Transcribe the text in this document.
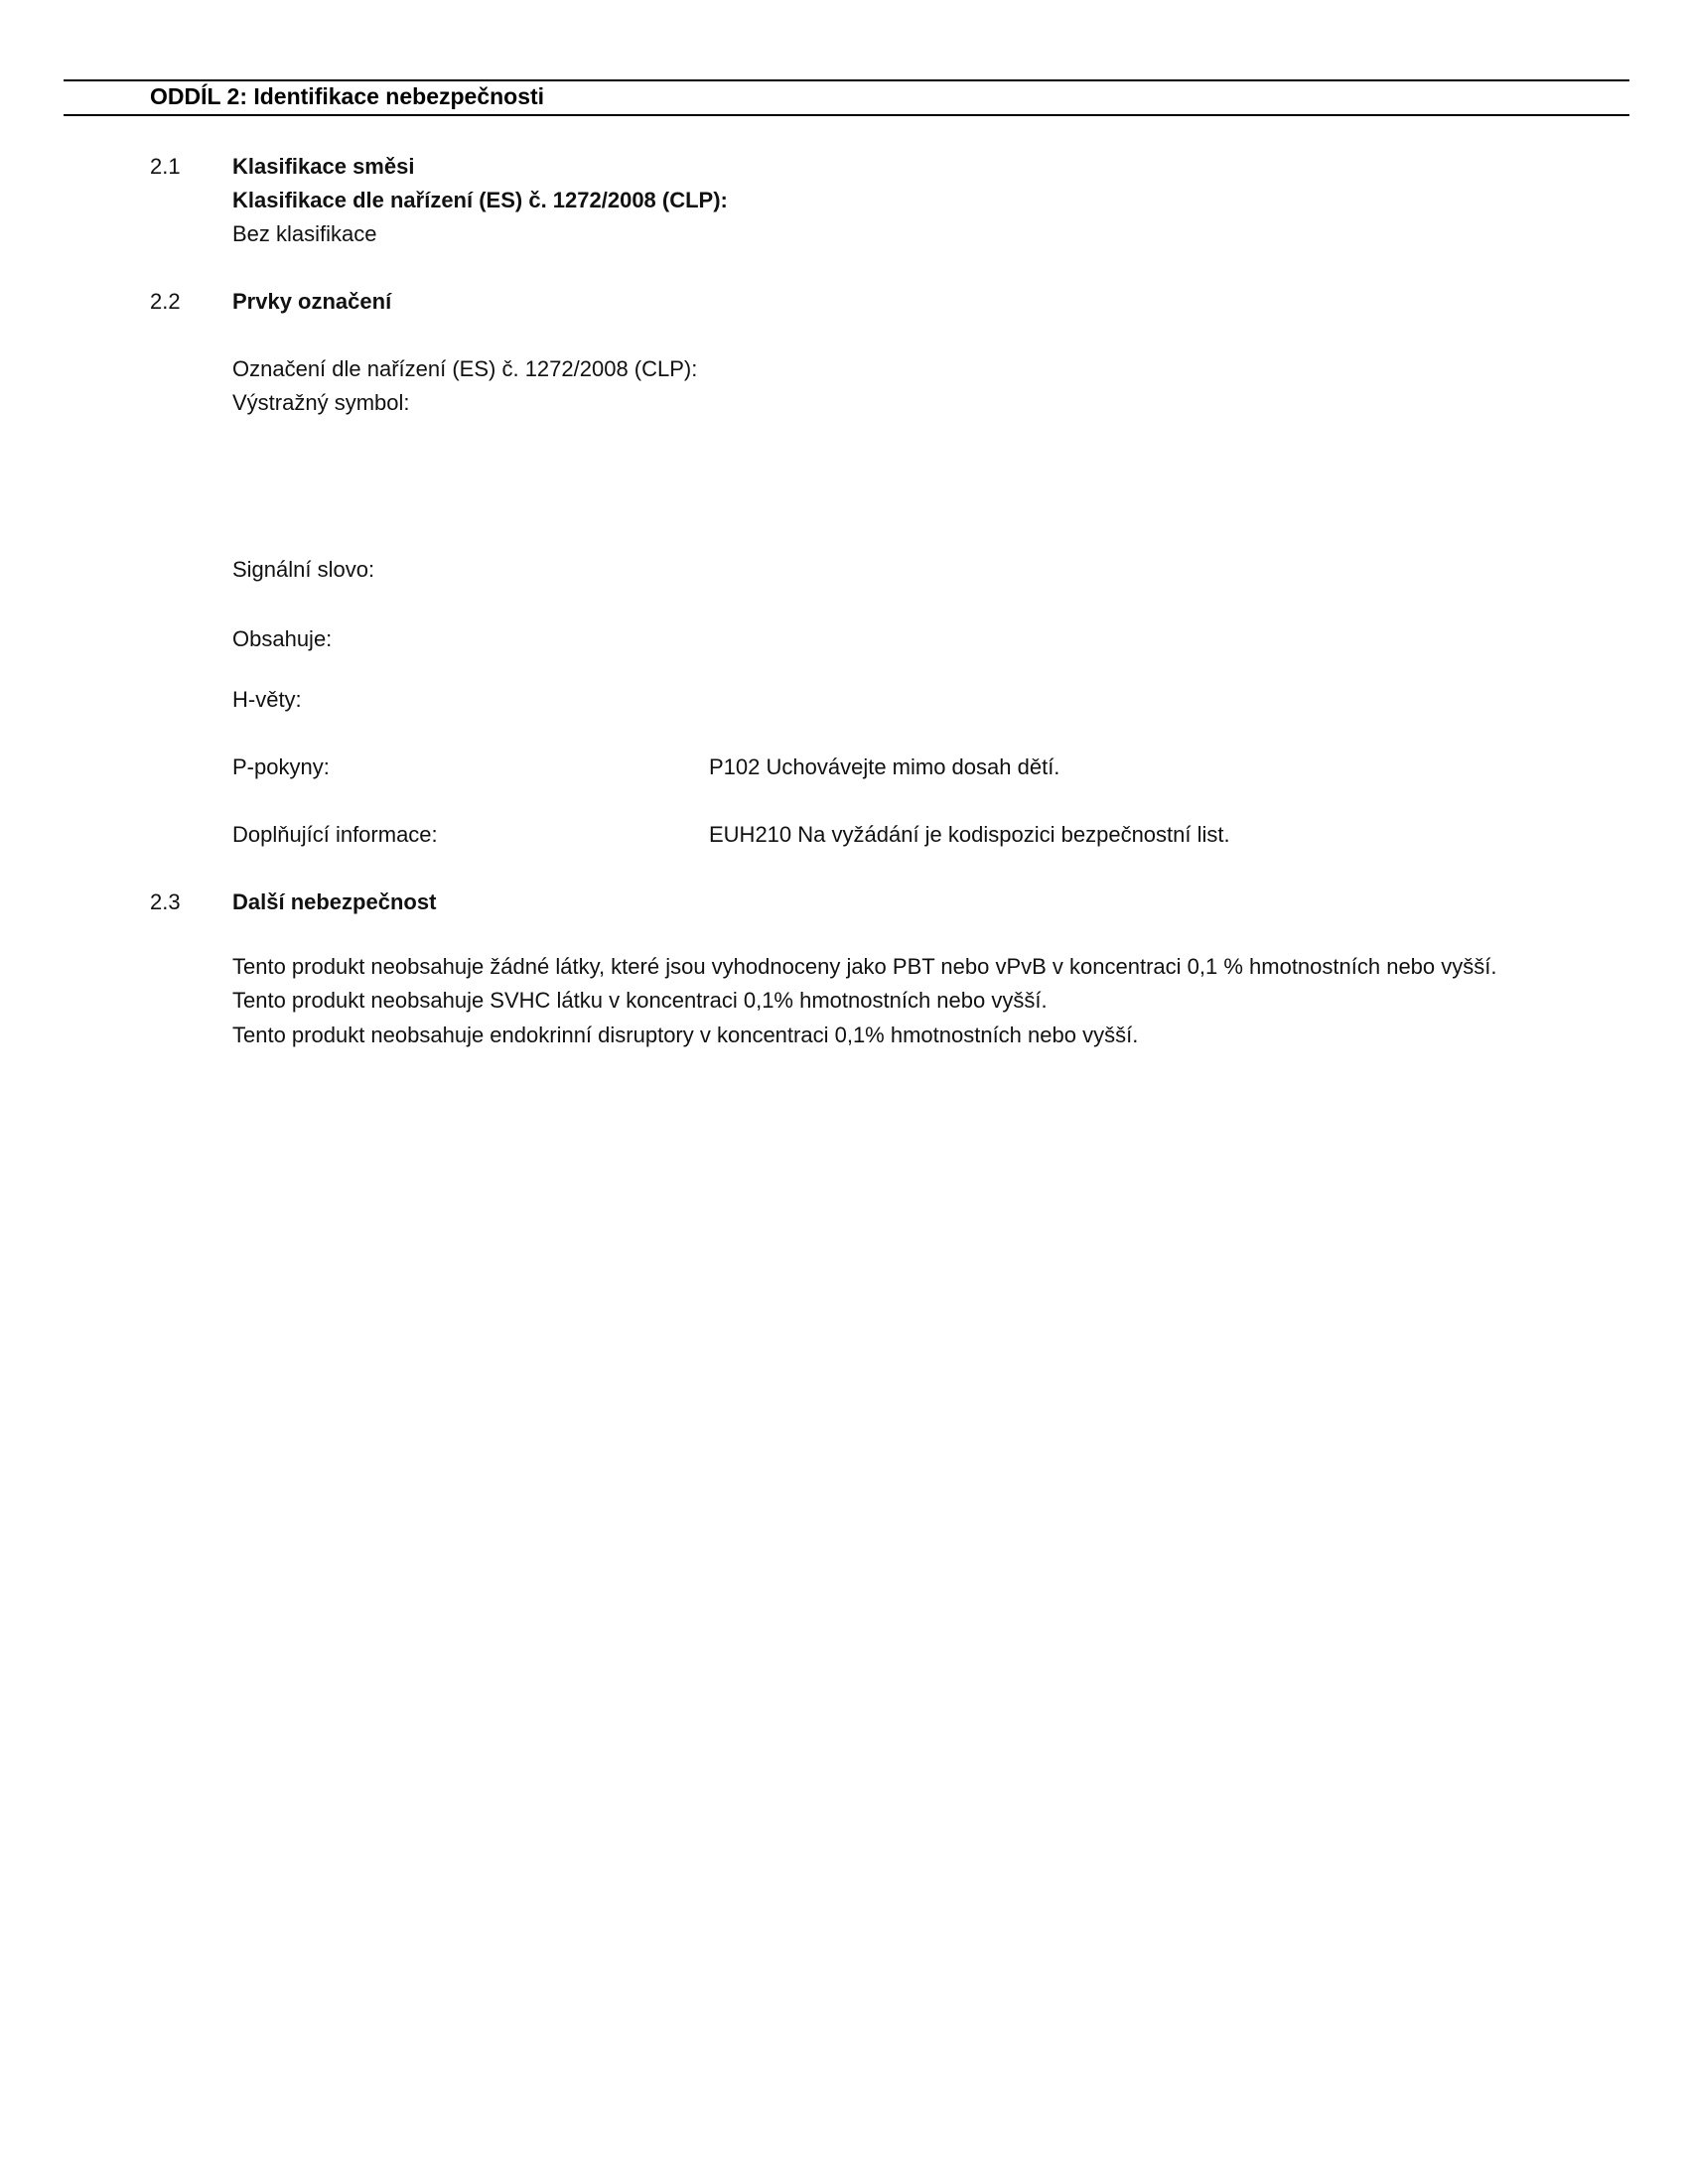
ODDÍL 2: Identifikace nebezpečnosti
2.1 Klasifikace směsi
Klasifikace dle nařízení (ES) č. 1272/2008 (CLP):
Bez klasifikace
2.2 Prvky označení
Označení dle nařízení (ES) č. 1272/2008 (CLP):
Výstražný symbol:
Signální slovo:
Obsahuje:
H-věty:
P-pokyny:	P102 Uchovávejte mimo dosah dětí.
Doplňující informace:	EUH210 Na vyžádání je kodispozici bezpečnostní list.
2.3 Další nebezpečnost
Tento produkt neobsahuje žádné látky, které jsou vyhodnoceny jako PBT nebo vPvB v koncentraci 0,1 % hmotnostních nebo vyšší.
Tento produkt neobsahuje SVHC látku v koncentraci 0,1% hmotnostních nebo vyšší.
Tento produkt neobsahuje endokrinní disruptory v koncentraci 0,1% hmotnostních nebo vyšší.
